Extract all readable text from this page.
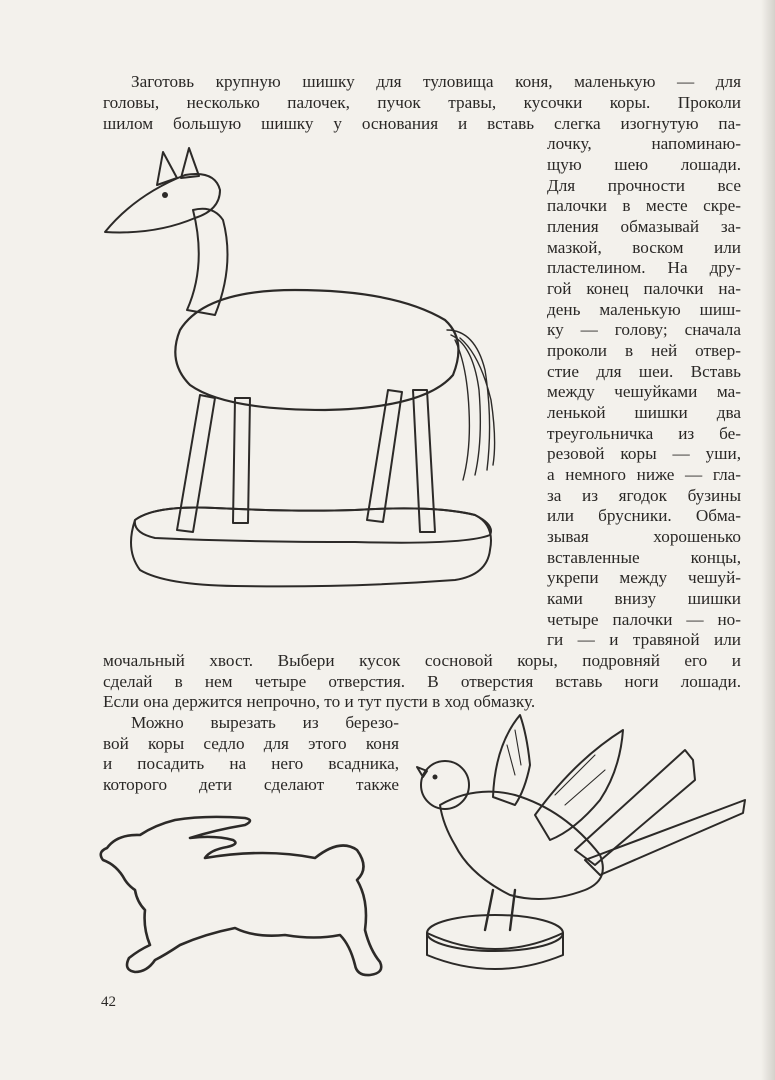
Заготовь крупную шишку для туловища коня, маленькую — для
головы, несколько палочек, пучок травы, кусочки коры. Проколи
шилом большую шишку у основания и вставь слегка изогнутую па-
лочку, напоминаю-
щую шею лошади.
Для прочности все
палочки в месте скре-
пления обмазывай за-
мазкой, воском или
пластелином. На дру-
гой конец палочки на-
день маленькую шиш-
ку — голову; сначала
проколи в ней отвер-
стие для шеи. Вставь
между чешуйками ма-
ленькой шишки два
треугольничка из бе-
резовой коры — уши,
а немного ниже — гла-
за из ягодок бузины
или брусники. Обма-
зывая хорошенько
вставленные концы,
укрепи между чешуй-
ками внизу шишки
четыре палочки — но-
ги — и травяной или
мочальный хвост. Выбери кусок сосновой коры, подровняй его и
сделай в нем четыре отверстия. В отверстия вставь ноги лошади.
Если она держится непрочно, то и тут пусти в ход обмазку.
Можно вырезать из березо-
вой коры седло для этого коня
и посадить на него всадника,
которого дети сделают также
42
